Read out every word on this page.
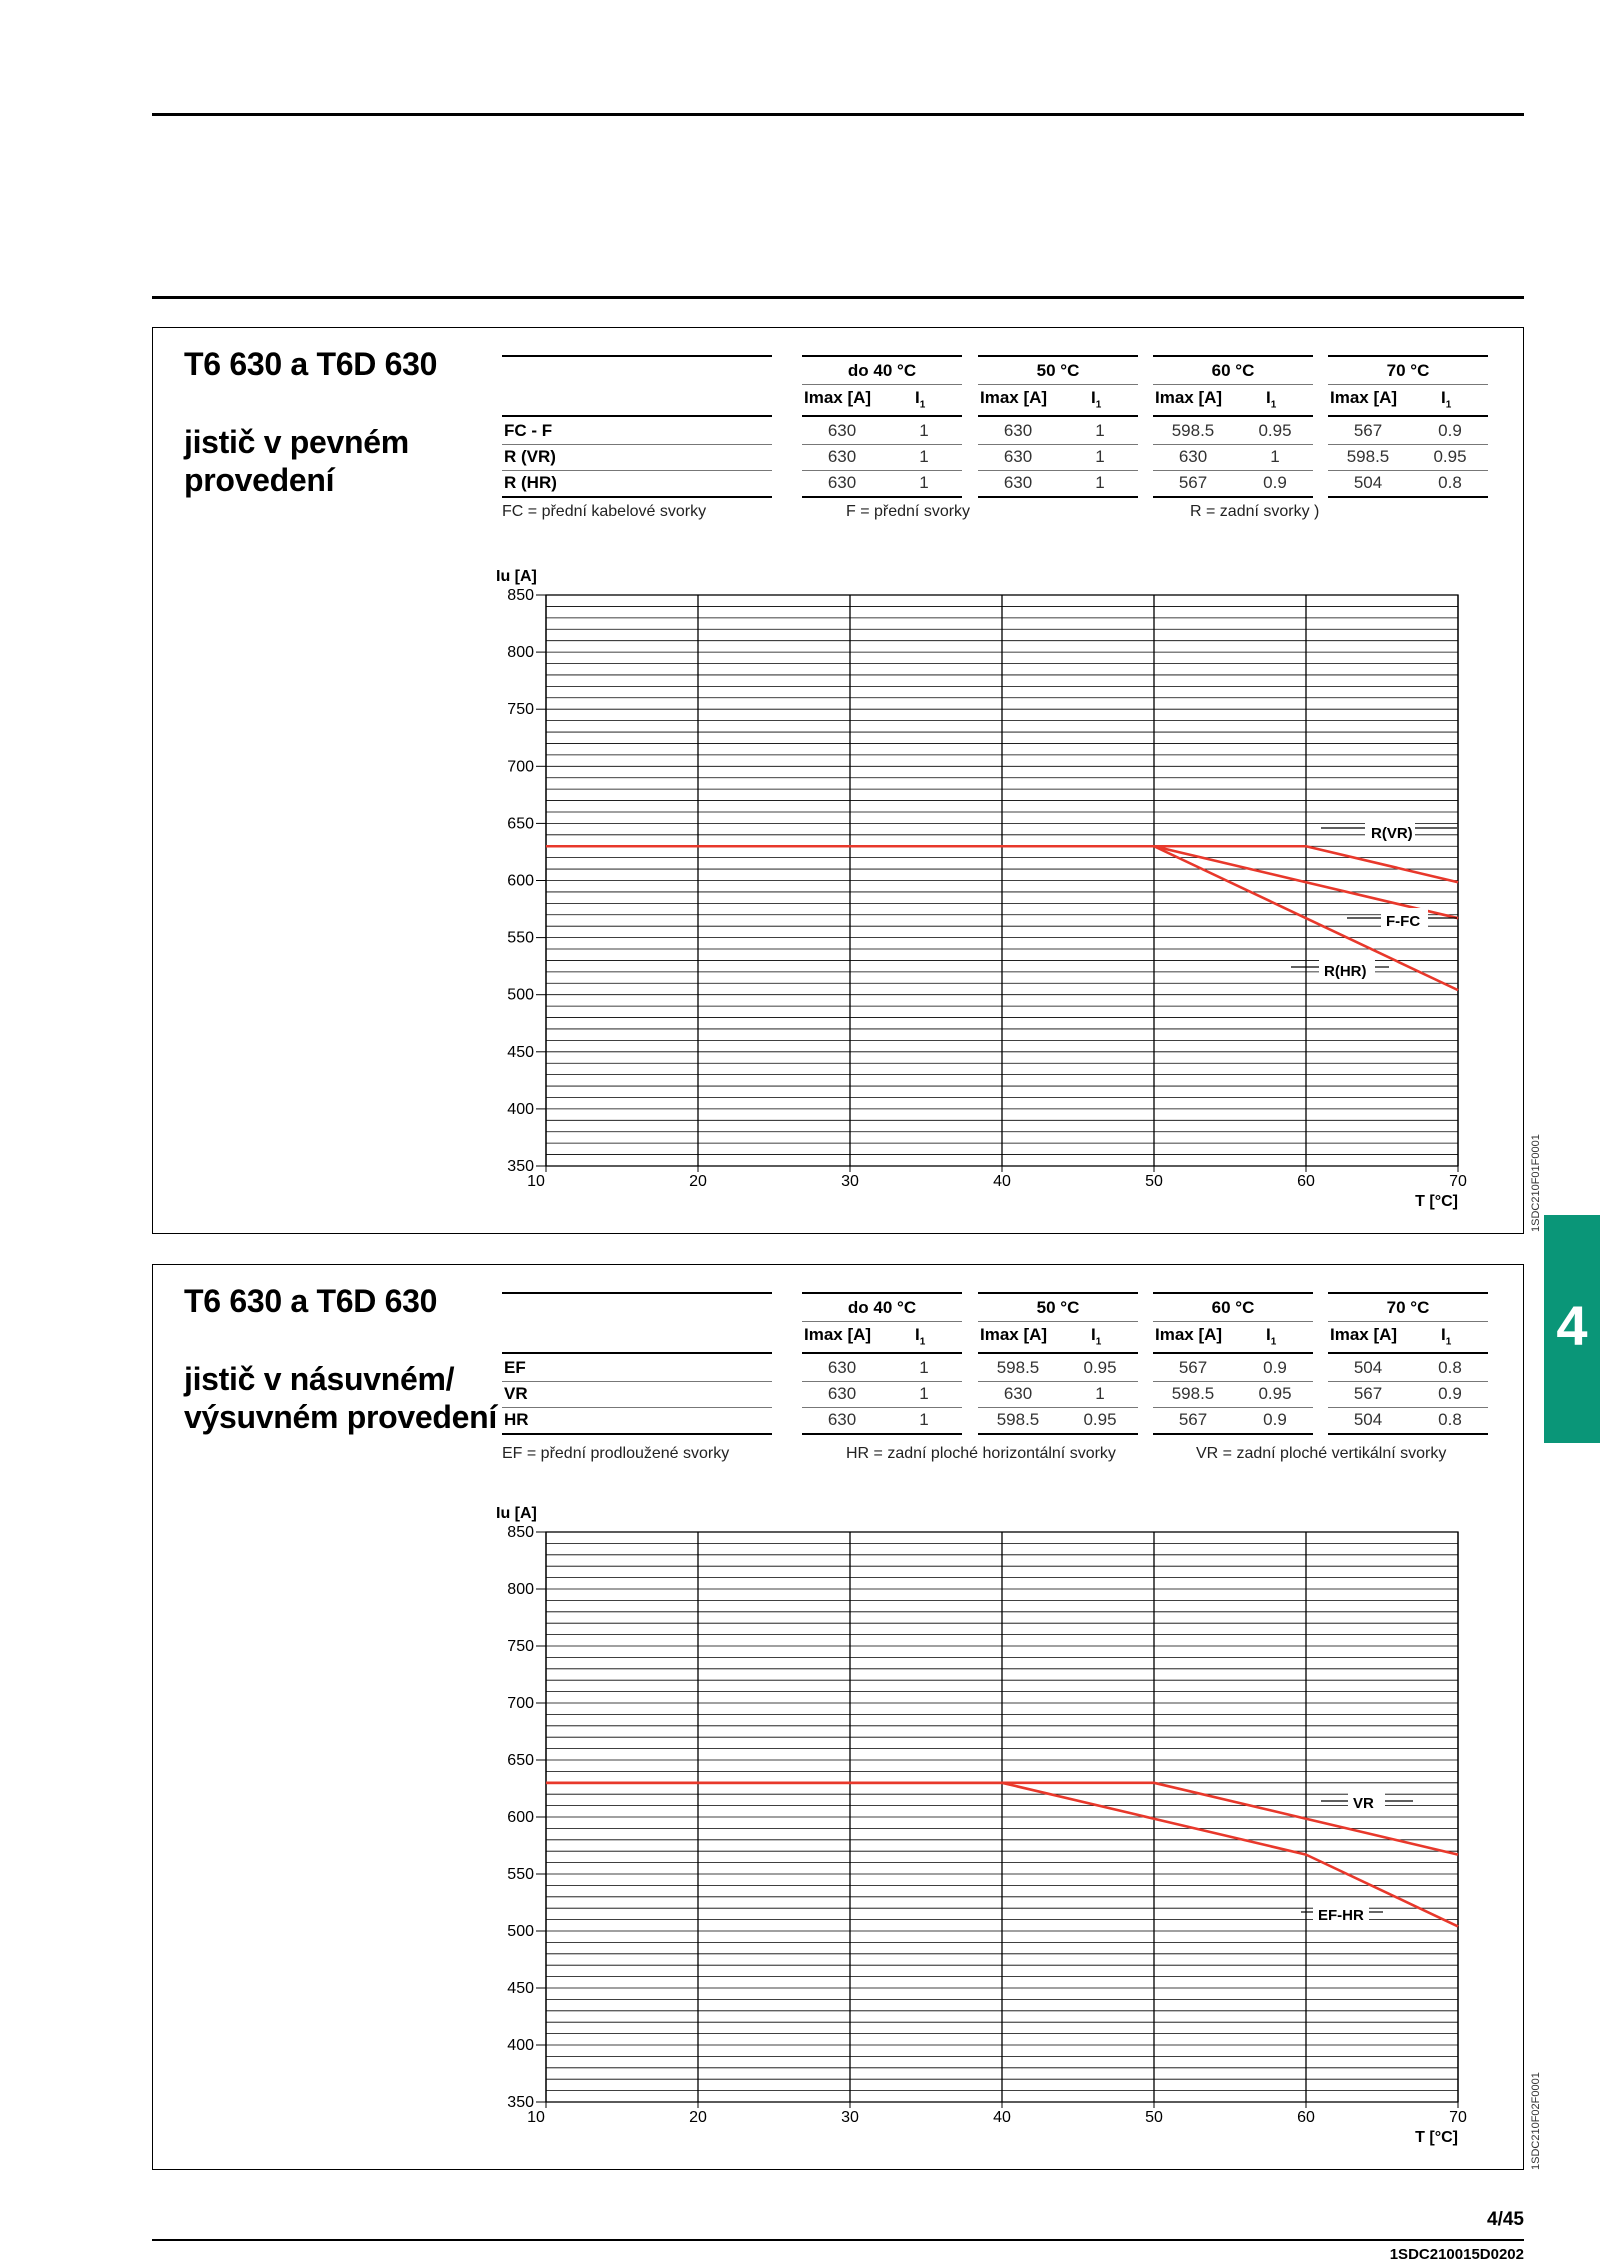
T6 630 a T6D 630
jistič v pevném
provedení
do 40 °C
Imax [A]	$I_1$
50 °C
Imax [A]	$I_1$
60 °C
Imax [A]	$I_1$
70 °C
Imax [A]	$I_1$
FC - F	630	1	630	1	598.5	0.95	567	0.9
R (VR)	630	1	630	1	630	1	598.5	0.95
R (HR)	630	1	630	1	567	0.9	504	0.8
FC = přední kabelové svorky	F = přední svorky	R = zadní svorky )
350
400
450
500
550
600
650
700
750
800
850
10	20	30	40	50	60	70
Iu [A]
T [°C]
R(VR)
F-FC
R(HR)
1SDC210F01F0001
T6 630 a T6D 630
jistič v násuvném/
výsuvném provedení
do 40 °C
Imax [A]	$I_1$
50 °C
Imax [A]	$I_1$
60 °C
Imax [A]	$I_1$
70 °C
Imax [A]	$I_1$
EF	630	1	598.5	0.95	567	0.9	504	0.8
VR	630	1	630	1	598.5	0.95	567	0.9
HR	630	1	598.5	0.95	567	0.9	504	0.8
EF = přední prodloužené svorky	HR = zadní ploché horizontální svorky	VR = zadní ploché vertikální svorky
350
400
450
500
550
600
650
700
750
800
850
10	20	30	40	50	60	70
Iu [A]
T [°C]
VR
EF-HR
1SDC210F02F0001
4
4/45
1SDC210015D0202
